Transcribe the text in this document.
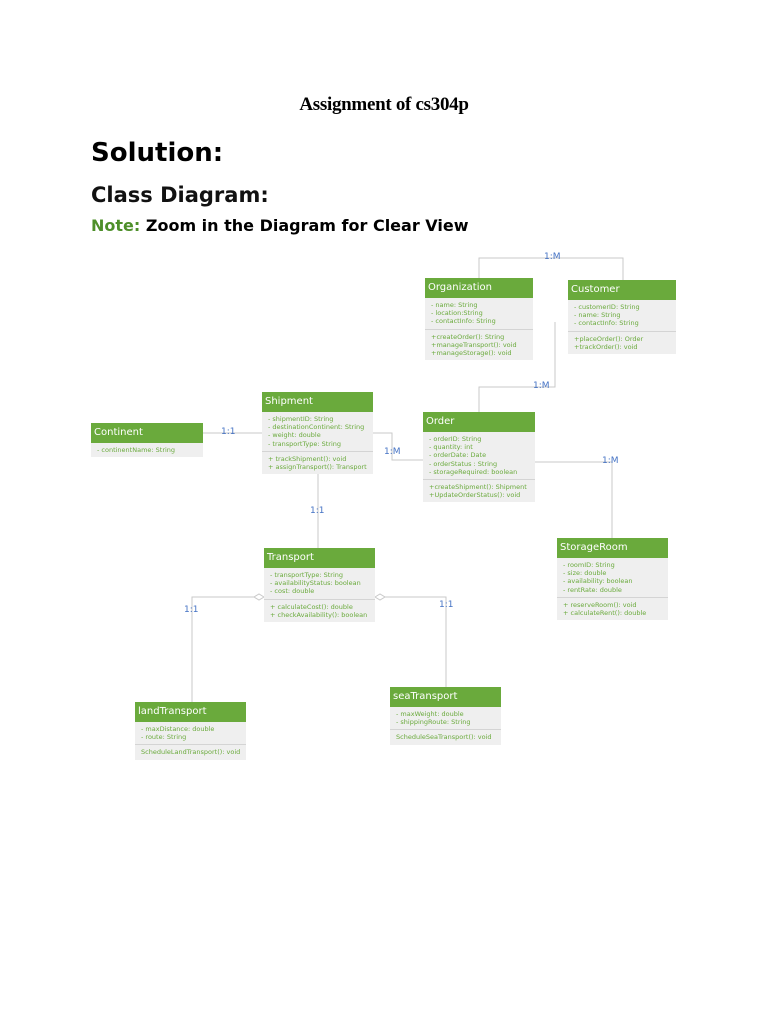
Assignment of cs304p
Solution:
Class Diagram:
Note: Zoom in the Diagram for Clear View
1:M
1:M
1:1
1:M
1:M
1:1
1:1	1:1
Organization
- name: String
- location:String
- contactInfo: String
+createOrder(): String
+manageTransport(): void
+manageStorage(): void
Customer
- customerID: String
- name: String
- contactInfo: String
+placeOrder(): Order
+trackOrder(): void
Shipment
- shipmentID: String
- destinationContinent: String
- weight: double
- transportType: String
+ trackShipment(): void
+ assignTransport(): Transport
Continent
- continentName: String
Order
- orderID: String
- quantity: int
- orderDate: Date
- orderStatus : String
- storageRequired: boolean
+createShipment(): Shipment
+UpdateOrderStatus(): void
Transport
- transportType: String
- availabilityStatus: boolean
- cost: double
+ calculateCost(): double
+ checkAvailability(): boolean
StorageRoom
- roomID: String
- size: double
- availability: boolean
- rentRate: double
+ reserveRoom(): void
+ calculateRent(): double
landTransport
- maxDistance: double
- route: String
ScheduleLandTransport(): void
seaTransport
- maxWeight: double
- shippingRoute: String
ScheduleSeaTransport(): void
